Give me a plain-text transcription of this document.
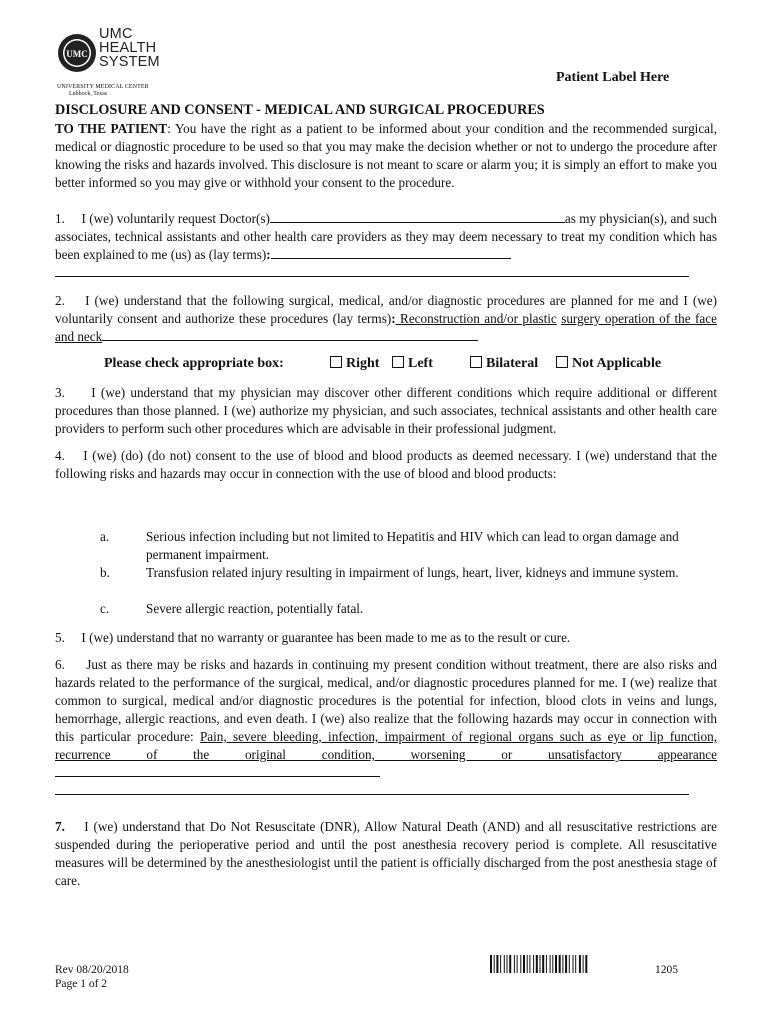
UMC
UMC
HEALTH
SYSTEM
UNIVERSITY MEDICAL CENTER
Lubbock, Texas
Patient Label Here
DISCLOSURE AND CONSENT - MEDICAL AND SURGICAL PROCEDURES

TO THE PATIENT: You have the right as a patient to be informed about your condition and the recommended surgical, medical or diagnostic procedure to be used so that you may make the decision whether or not to undergo the procedure after knowing the risks and hazards involved. This disclosure is not meant to scare or alarm you; it is simply an effort to make you better informed so you may give or withhold your consent to the procedure.

1. I (we) voluntarily request Doctor(s)	as my physician(s), and such associates, technical assistants and other health care providers as they may deem necessary to treat my condition which has been explained to me (us) as (lay terms):

2. I (we) understand that the following surgical, medical, and/or diagnostic procedures are planned for me and I (we) voluntarily consent and authorize these procedures (lay terms): Reconstruction and/or plastic surgery operation of the face and neck

Please check appropriate box:	Right	Left	Bilateral	Not Applicable

3. I (we) understand that my physician may discover other different conditions which require additional or different procedures than those planned. I (we) authorize my physician, and such associates, technical assistants and other health care providers to perform such other procedures which are advisable in their professional judgment.

4. I (we) (do) (do not) consent to the use of blood and blood products as deemed necessary. I (we) understand that the following risks and hazards may occur in connection with the use of blood and blood products:

a.	Serious infection including but not limited to Hepatitis and HIV which can lead to organ damage and permanent impairment.
b.	Transfusion related injury resulting in impairment of lungs, heart, liver, kidneys and immune system.
c.	Severe allergic reaction, potentially fatal.

5. I (we) understand that no warranty or guarantee has been made to me as to the result or cure.

6. Just as there may be risks and hazards in continuing my present condition without treatment, there are also risks and hazards related to the performance of the surgical, medical, and/or diagnostic procedures planned for me. I (we) realize that common to surgical, medical and/or diagnostic procedures is the potential for infection, blood clots in veins and lungs, hemorrhage, allergic reactions, and even death. I (we) also realize that the following hazards may occur in connection with this particular procedure: Pain, severe bleeding, infection, impairment of regional organs such as eye or lip function, recurrence of the original condition, worsening or unsatisfactory appearance

7. I (we) understand that Do Not Resuscitate (DNR), Allow Natural Death (AND) and all resuscitative restrictions are suspended during the perioperative period and until the post anesthesia recovery period is complete. All resuscitative measures will be determined by the anesthesiologist until the patient is officially discharged from the post anesthesia stage of care.

Rev 08/20/2018
Page 1 of 2
1205
